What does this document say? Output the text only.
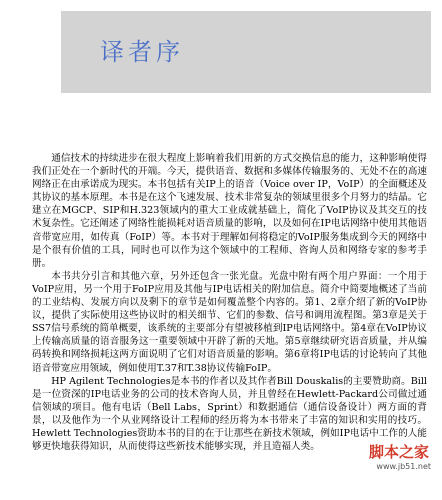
译者序

通信技术的持续进步在很大程度上影响着我们用新的方式交换信息的能力，这种影响使得我们正处在一个新时代的开端。今天，提供语音、数据和多媒体传输服务的、无处不在的高速网络正在由承诺成为现实。本书包括有关IP上的语音（Voice over IP，VoIP）的全面概述及其协议的基本原理。本书是在这个飞速发展、技术非常复杂的领域里很多个月努力的结晶。它建立在MGCP、SIP和H.323领域内的重大工业成就基础上，简化了VoIP协议及其交互的技术复杂性。它还阐述了网络性能损耗对语音质量的影响，以及如何在IP电话网络中使用其他语音带宽应用，如传真（FoIP）等。本书对于理解如何将稳定的VoIP服务集成到今天的网络中是个很有价值的工具，同时也可以作为这个领域中的工程师、咨询人员和网络专家的参考手册。

本书共分引言和其他六章，另外还包含一张光盘。光盘中附有两个用户界面：一个用于VoIP应用，另一个用于FoIP应用及其他与IP电话相关的附加信息。简介中简要地概述了当前的工业结构、发展方向以及剩下的章节是如何覆盖整个内容的。第1、2章介绍了新的VoIP协议，提供了实际使用这些协议时的相关细节、它们的参数、信号和调用流程图。第3章是关于SS7信号系统的简单概要，该系统的主要部分有望被移植到IP电话网络中。第4章在VoIP协议上传输高质量的语音服务这一重要领域中开辟了新的天地。第5章继续研究语音质量，并从编码转换和网络损耗这两方面说明了它们对语音质量的影响。第6章将IP电话的讨论转向了其他语音带宽应用领域，例如使用T.37和T.38协议传输FoIP。

HP Agilent Technologies是本书的作者以及其作者Bill Douskalis的主要赞助商。Bill是一位资深的IP电话业务的公司的技术咨询人员，并且曾经在Hewlett-Packard公司做过通信领域的项目。他有电话（Bell Labs，Sprint）和数据通信（通信设备设计）两方面的背景，以及他作为一个从业网络设计工程师的经历将为本书带来了丰富的知识和实用的技巧。Hewlett Technologies资助本书的目的在于让那些在新技术领域，例如IP电话中工作的人能够更快地获得知识，从而使得这些新技术能够实现，并且造福人类。	脚本之家
www.jb51.net
